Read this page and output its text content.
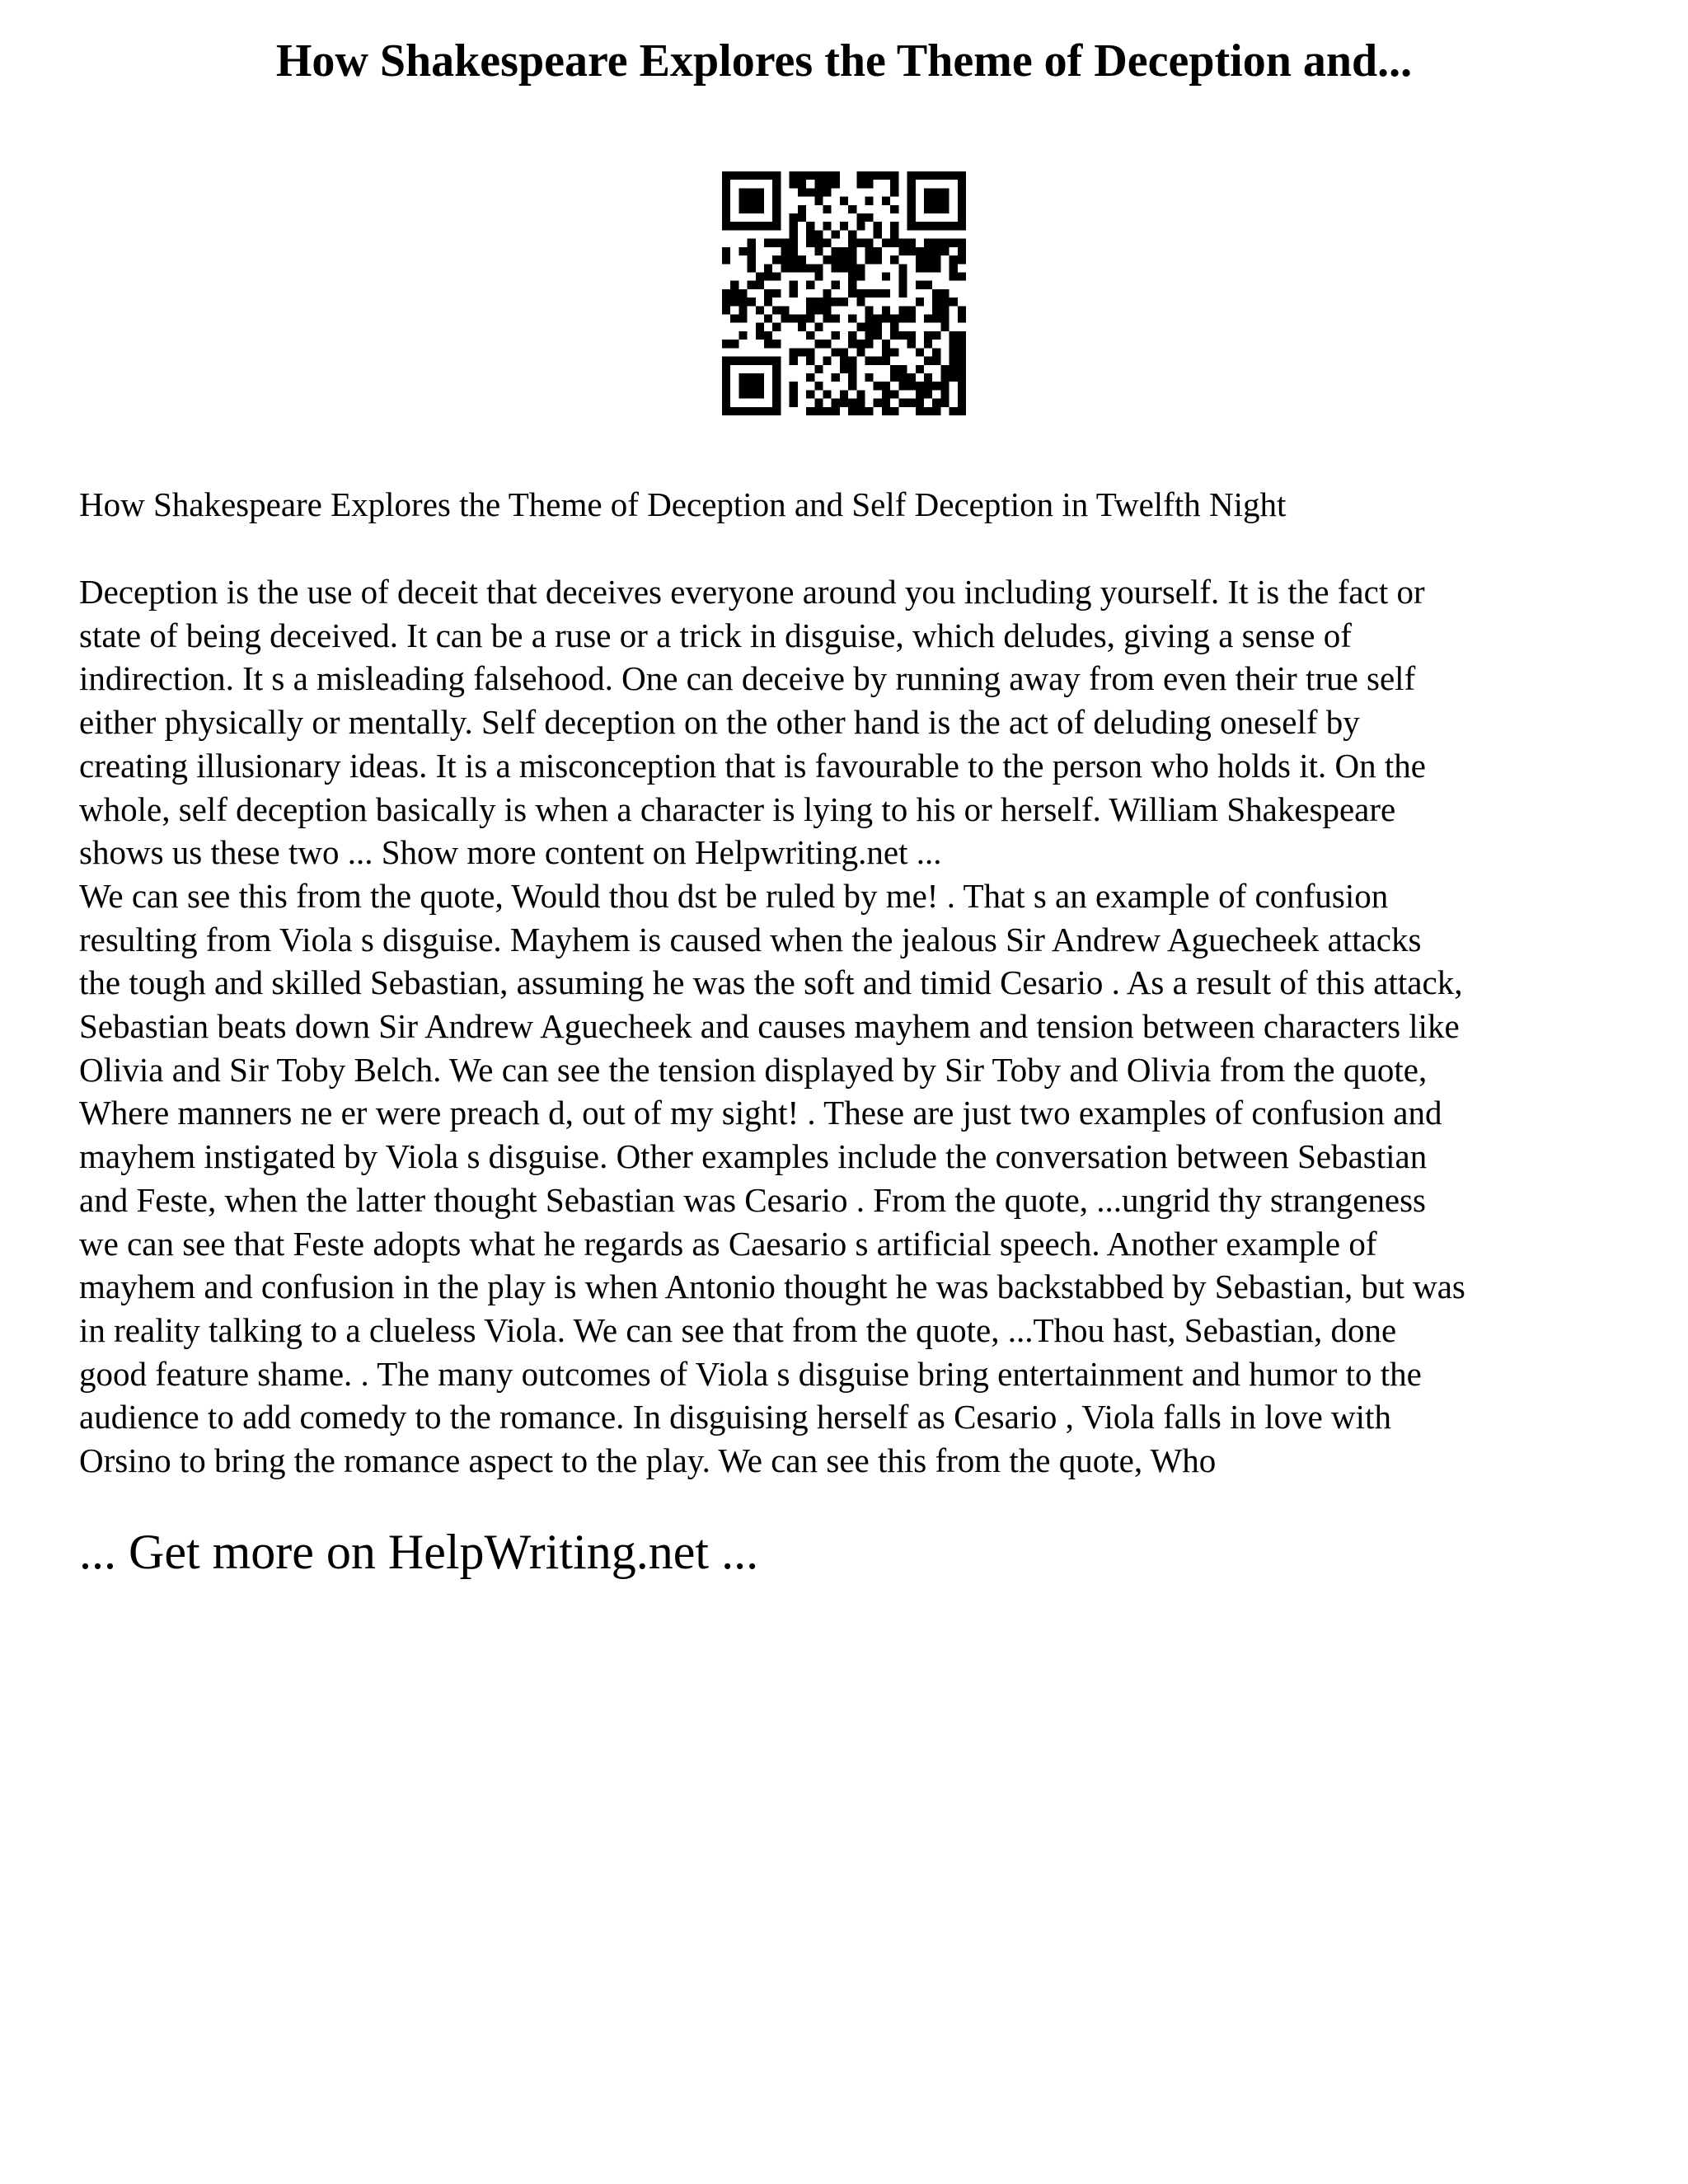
How Shakespeare Explores the Theme of Deception and...

How Shakespeare Explores the Theme of Deception and Self Deception in Twelfth Night

Deception is the use of deceit that deceives everyone around you including yourself. It is the fact or
state of being deceived. It can be a ruse or a trick in disguise, which deludes, giving a sense of
indirection. It s a misleading falsehood. One can deceive by running away from even their true self
either physically or mentally. Self deception on the other hand is the act of deluding oneself by
creating illusionary ideas. It is a misconception that is favourable to the person who holds it. On the
whole, self deception basically is when a character is lying to his or herself. William Shakespeare
shows us these two ... Show more content on Helpwriting.net ...
We can see this from the quote, Would thou dst be ruled by me! . That s an example of confusion
resulting from Viola s disguise. Mayhem is caused when the jealous Sir Andrew Aguecheek attacks
the tough and skilled Sebastian, assuming he was the soft and timid Cesario . As a result of this attack,
Sebastian beats down Sir Andrew Aguecheek and causes mayhem and tension between characters like
Olivia and Sir Toby Belch. We can see the tension displayed by Sir Toby and Olivia from the quote,
Where manners ne er were preach d, out of my sight! . These are just two examples of confusion and
mayhem instigated by Viola s disguise. Other examples include the conversation between Sebastian
and Feste, when the latter thought Sebastian was Cesario . From the quote, ...ungrid thy strangeness
we can see that Feste adopts what he regards as Caesario s artificial speech. Another example of
mayhem and confusion in the play is when Antonio thought he was backstabbed by Sebastian, but was
in reality talking to a clueless Viola. We can see that from the quote, ...Thou hast, Sebastian, done
good feature shame. . The many outcomes of Viola s disguise bring entertainment and humor to the
audience to add comedy to the romance. In disguising herself as Cesario , Viola falls in love with
Orsino to bring the romance aspect to the play. We can see this from the quote, Who

... Get more on HelpWriting.net ...
